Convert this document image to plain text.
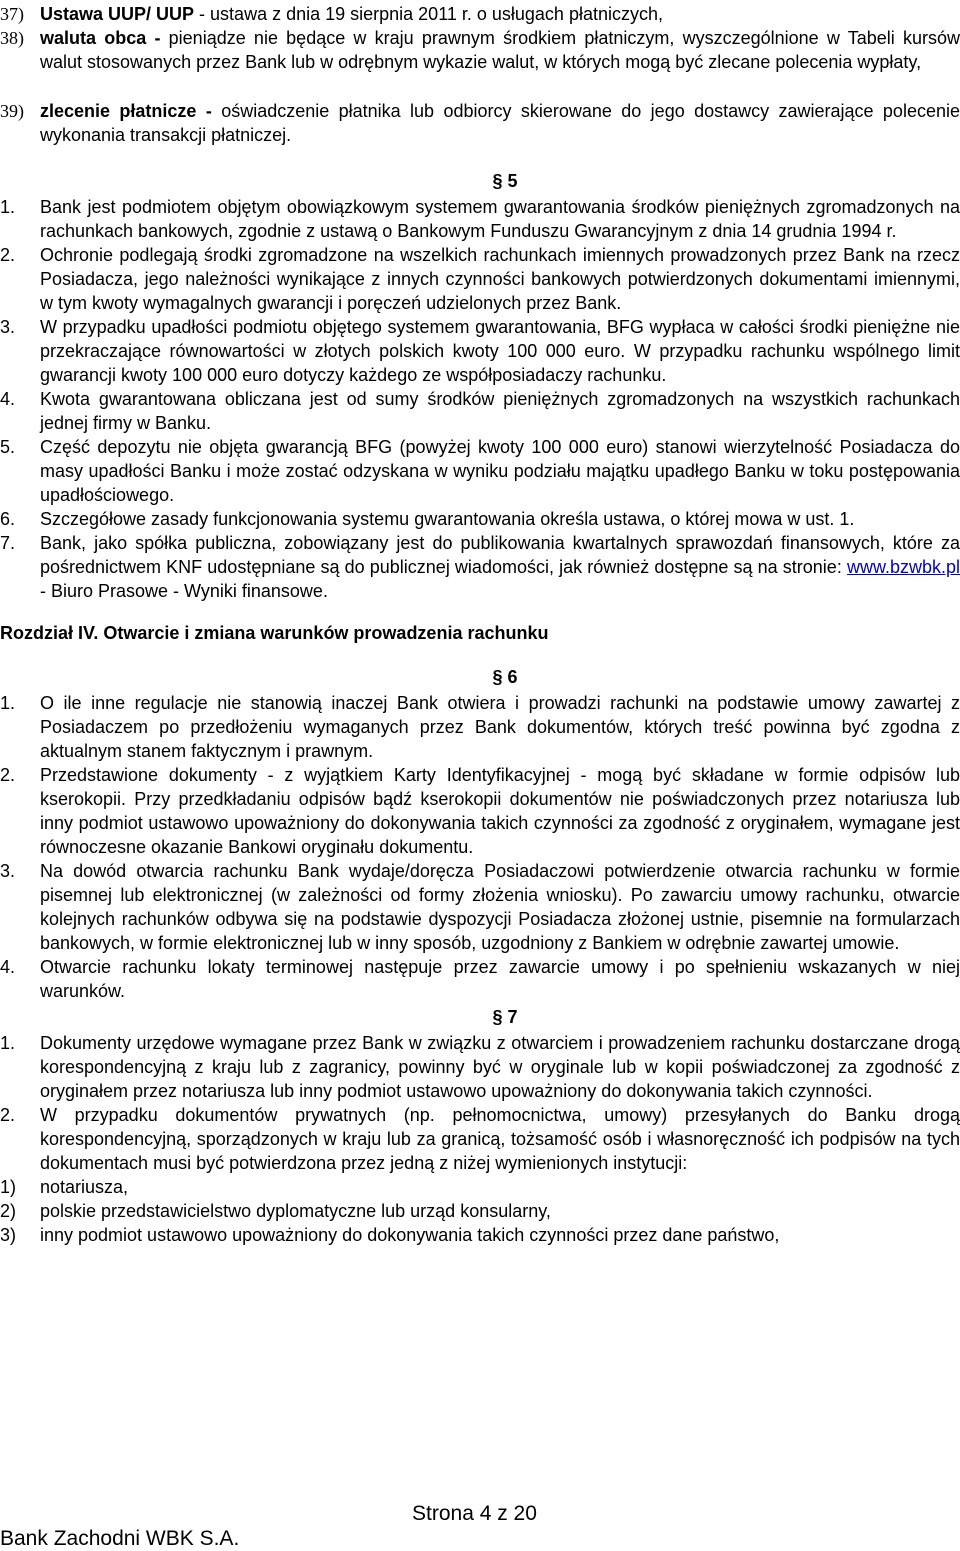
37) Ustawa UUP/ UUP - ustawa z dnia 19 sierpnia 2011 r. o usługach płatniczych,
38) waluta obca - pieniądze nie będące w kraju prawnym środkiem płatniczym, wyszczególnione w Tabeli kursów walut stosowanych przez Bank lub w odrębnym wykazie walut, w których mogą być zlecane polecenia wypłaty,
39) zlecenie płatnicze - oświadczenie płatnika lub odbiorcy skierowane do jego dostawcy zawierające polecenie wykonania transakcji płatniczej.
§ 5
1. Bank jest podmiotem objętym obowiązkowym systemem gwarantowania środków pieniężnych zgromadzonych na rachunkach bankowych, zgodnie z ustawą o Bankowym Funduszu Gwarancyjnym z dnia 14 grudnia 1994 r.
2. Ochronie podlegają środki zgromadzone na wszelkich rachunkach imiennych prowadzonych przez Bank na rzecz Posiadacza, jego należności wynikające z innych czynności bankowych potwierdzonych dokumentami imiennymi, w tym kwoty wymagalnych gwarancji i poręczeń udzielonych przez Bank.
3. W przypadku upadłości podmiotu objętego systemem gwarantowania, BFG wypłaca w całości środki pieniężne nie przekraczające równowartości w złotych polskich kwoty 100 000 euro. W przypadku rachunku wspólnego limit gwarancji kwoty 100 000 euro dotyczy każdego ze współposiadaczy rachunku.
4. Kwota gwarantowana obliczana jest od sumy środków pieniężnych zgromadzonych na wszystkich rachunkach jednej firmy w Banku.
5. Część depozytu nie objęta gwarancją BFG (powyżej kwoty 100 000 euro) stanowi wierzytelność Posiadacza do masy upadłości Banku i może zostać odzyskana w wyniku podziału majątku upadłego Banku w toku postępowania upadłościowego.
6. Szczegółowe zasady funkcjonowania systemu gwarantowania określa ustawa, o której mowa w ust. 1.
7. Bank, jako spółka publiczna, zobowiązany jest do publikowania kwartalnych sprawozdań finansowych, które za pośrednictwem KNF udostępniane są do publicznej wiadomości, jak również dostępne są na stronie: www.bzwbk.pl - Biuro Prasowe - Wyniki finansowe.
Rozdział IV. Otwarcie i zmiana warunków prowadzenia rachunku
§ 6
1. O ile inne regulacje nie stanowią inaczej Bank otwiera i prowadzi rachunki na podstawie umowy zawartej z Posiadaczem po przedłożeniu wymaganych przez Bank dokumentów, których treść powinna być zgodna z aktualnym stanem faktycznym i prawnym.
2. Przedstawione dokumenty - z wyjątkiem Karty Identyfikacyjnej - mogą być składane w formie odpisów lub kserokopii. Przy przedkładaniu odpisów bądź kserokopii dokumentów nie poświadczonych przez notariusza lub inny podmiot ustawowo upoważniony do dokonywania takich czynności za zgodność z oryginałem, wymagane jest równoczesne okazanie Bankowi oryginału dokumentu.
3. Na dowód otwarcia rachunku Bank wydaje/doręcza Posiadaczowi potwierdzenie otwarcia rachunku w formie pisemnej lub elektronicznej (w zależności od formy złożenia wniosku). Po zawarciu umowy rachunku, otwarcie kolejnych rachunków odbywa się na podstawie dyspozycji Posiadacza złożonej ustnie, pisemnie na formularzach bankowych, w formie elektronicznej lub w inny sposób, uzgodniony z Bankiem w odrębnie zawartej umowie.
4. Otwarcie rachunku lokaty terminowej następuje przez zawarcie umowy i po spełnieniu wskazanych w niej warunków.
§ 7
1. Dokumenty urzędowe wymagane przez Bank w związku z otwarciem i prowadzeniem rachunku dostarczane drogą korespondencyjną z kraju lub z zagranicy, powinny być w oryginale lub w kopii poświadczonej za zgodność z oryginałem przez notariusza lub inny podmiot ustawowo upoważniony do dokonywania takich czynności.
2. W przypadku dokumentów prywatnych (np. pełnomocnictwa, umowy) przesyłanych do Banku drogą korespondencyjną, sporządzonych w kraju lub za granicą, tożsamość osób i własnoręczność ich podpisów na tych dokumentach musi być potwierdzona przez jedną z niżej wymienionych instytucji:
1) notariusza,
2) polskie przedstawicielstwo dyplomatyczne lub urząd konsularny,
3) inny podmiot ustawowo upoważniony do dokonywania takich czynności przez dane państwo,
Strona 4 z 20
Bank Zachodni WBK S.A.
